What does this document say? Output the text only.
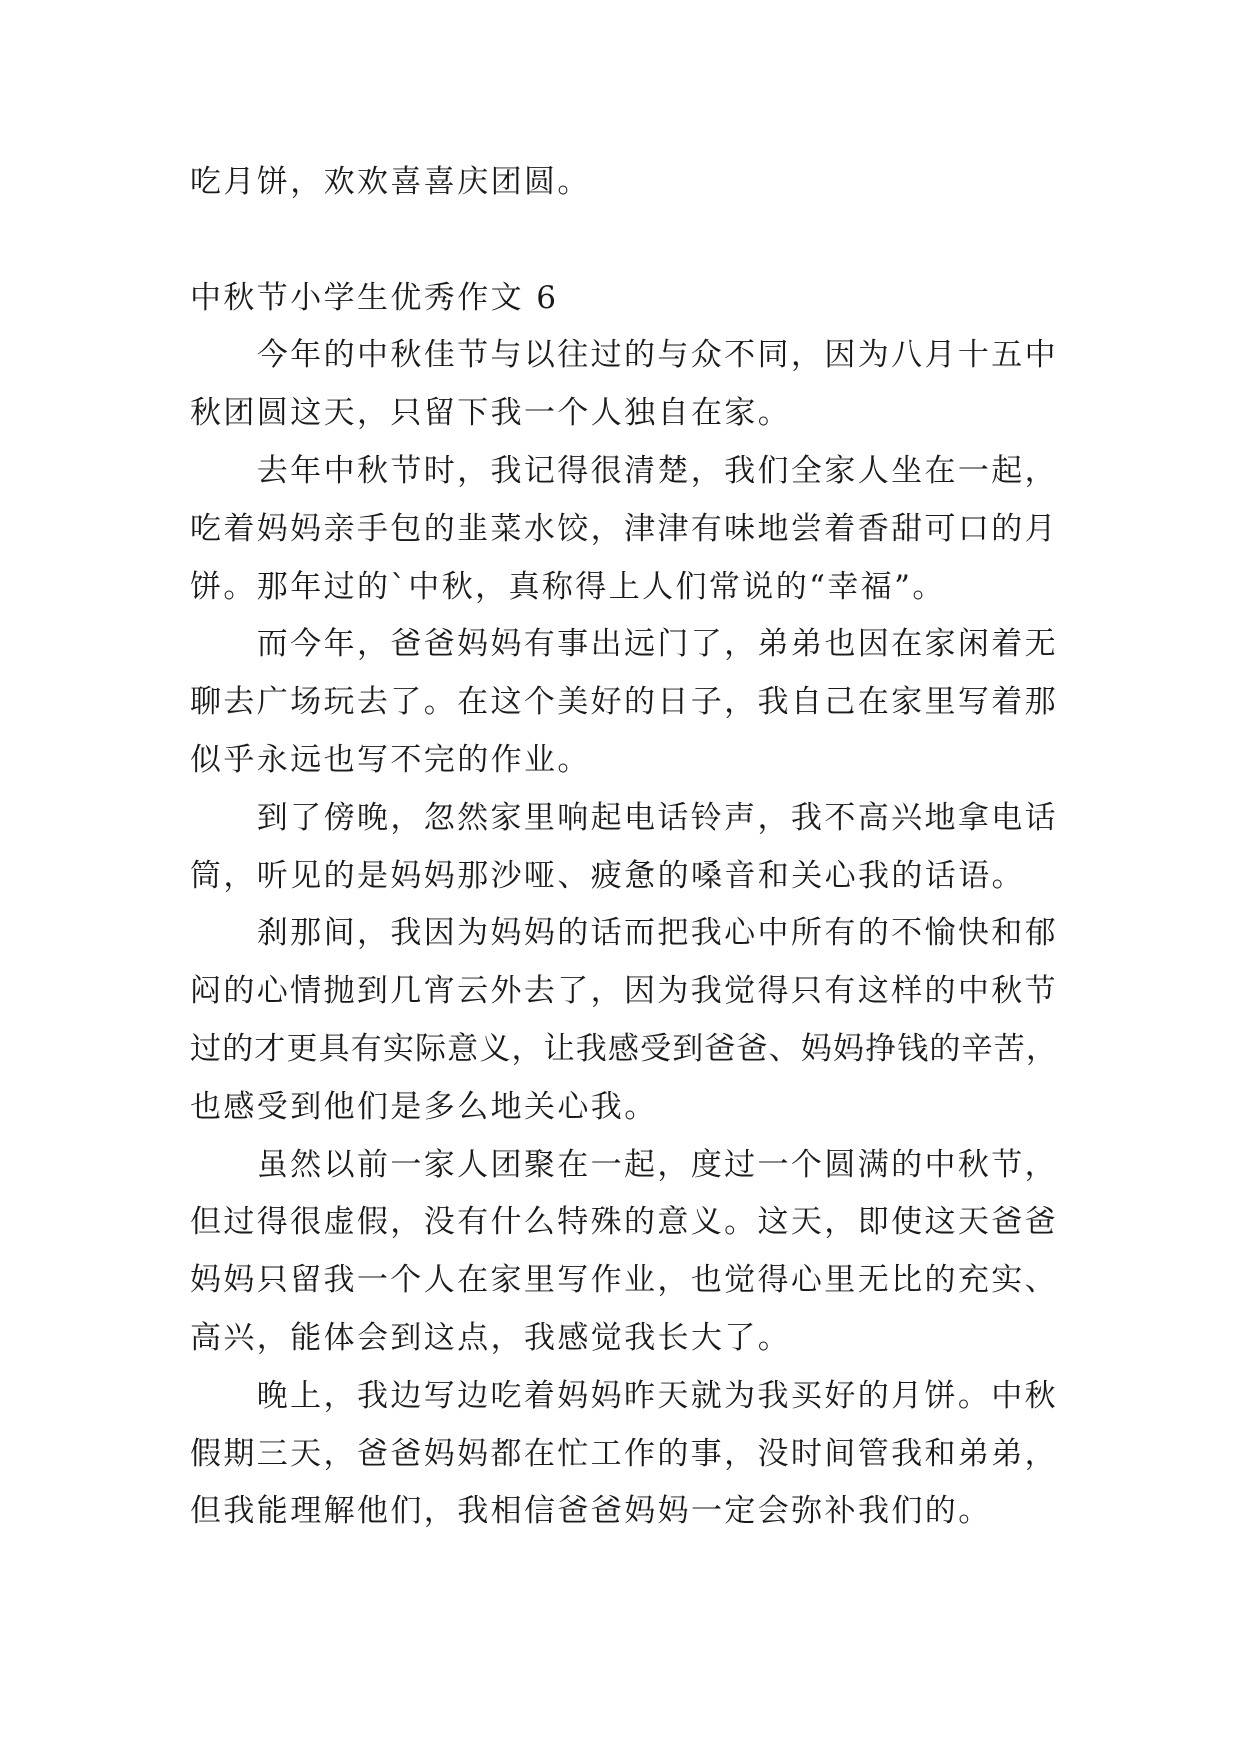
吃月饼，欢欢喜喜庆团圆。
中秋节小学生优秀作文 6
今年的中秋佳节与以往过的与众不同，因为八月十五中
秋团圆这天，只留下我一个人独自在家。
去年中秋节时，我记得很清楚，我们全家人坐在一起，
吃着妈妈亲手包的韭菜水饺，津津有味地尝着香甜可口的月
饼。那年过的`中秋，真称得上人们常说的“幸福”。
而今年，爸爸妈妈有事出远门了，弟弟也因在家闲着无
聊去广场玩去了。在这个美好的日子，我自己在家里写着那
似乎永远也写不完的作业。
到了傍晚，忽然家里响起电话铃声，我不高兴地拿电话
筒，听见的是妈妈那沙哑、疲惫的嗓音和关心我的话语。
刹那间，我因为妈妈的话而把我心中所有的不愉快和郁
闷的心情抛到几宵云外去了，因为我觉得只有这样的中秋节
过的才更具有实际意义，让我感受到爸爸、妈妈挣钱的辛苦，
也感受到他们是多么地关心我。
虽然以前一家人团聚在一起，度过一个圆满的中秋节，
但过得很虚假，没有什么特殊的意义。这天，即使这天爸爸
妈妈只留我一个人在家里写作业，也觉得心里无比的充实、
高兴，能体会到这点，我感觉我长大了。
晚上，我边写边吃着妈妈昨天就为我买好的月饼。中秋
假期三天，爸爸妈妈都在忙工作的事，没时间管我和弟弟，
但我能理解他们，我相信爸爸妈妈一定会弥补我们的。
